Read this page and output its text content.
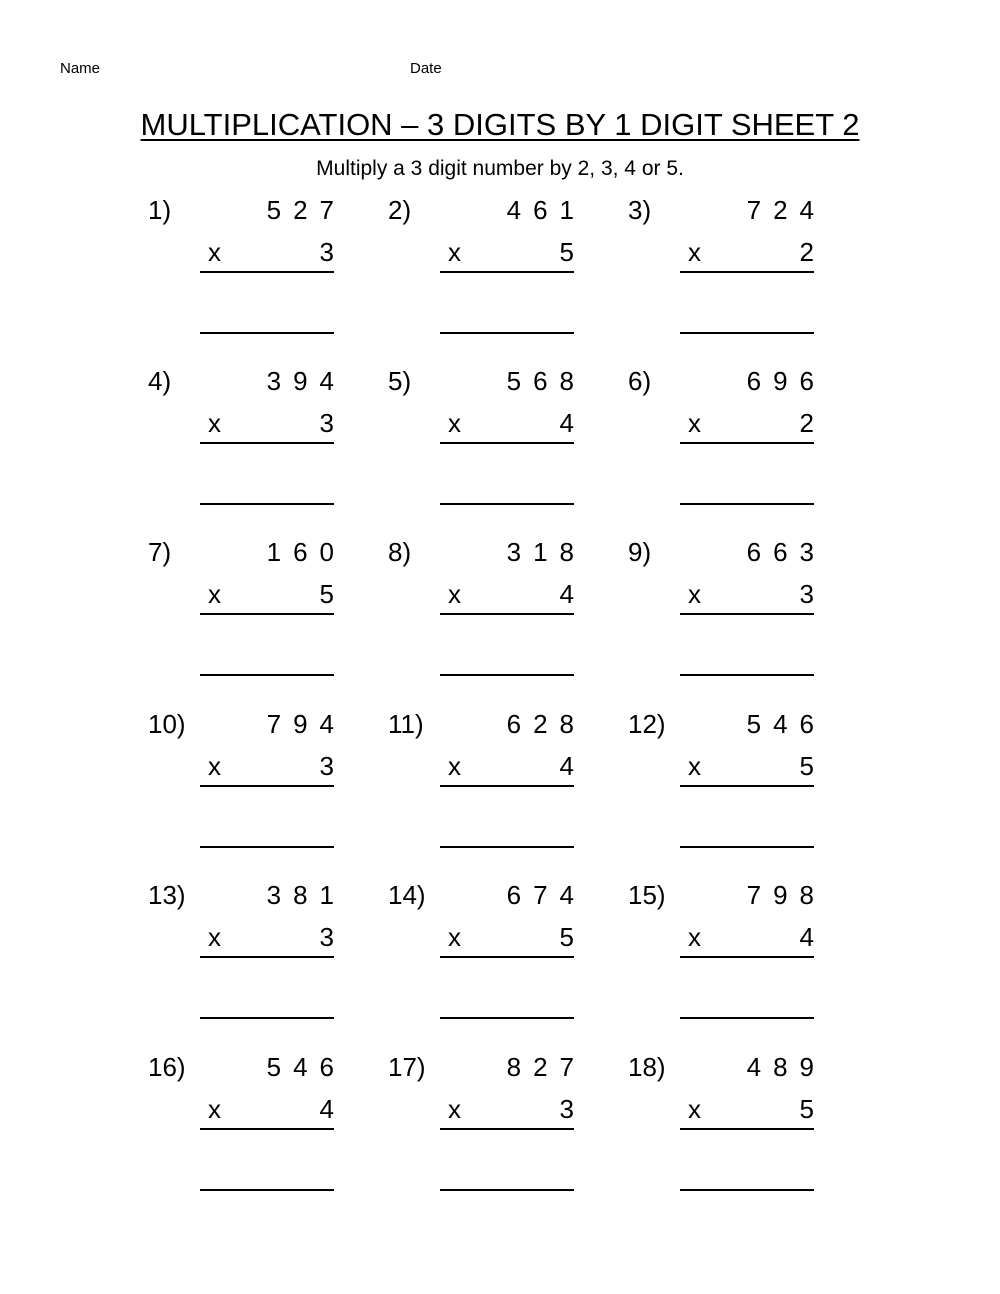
Name	Date
MULTIPLICATION – 3 DIGITS BY 1 DIGIT SHEET 2
Multiply a 3 digit number by 2, 3, 4 or 5.
1)	527
x	3
2)	461
x	5
3)	724
x	2
4)	394
x	3
5)	568
x	4
6)	696
x	2
7)	160
x	5
8)	318
x	4
9)	663
x	3
10)	794
x	3
11)	628
x	4
12)	546
x	5
13)	381
x	3
14)	674
x	5
15)	798
x	4
16)	546
x	4
17)	827
x	3
18)	489
x	5
